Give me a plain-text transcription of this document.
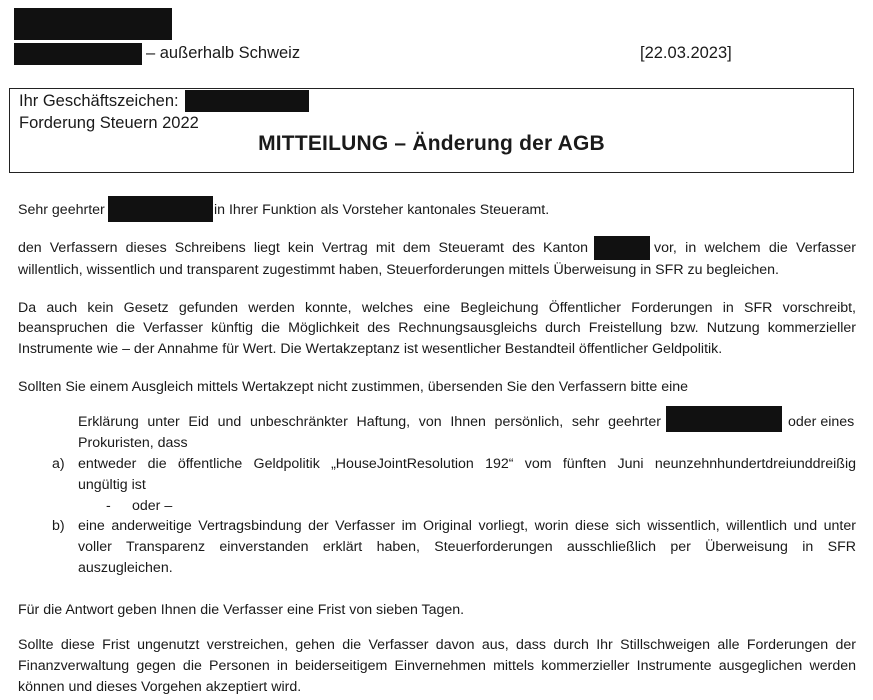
– außerhalb Schweiz	[22.03.2023]
Ihr Geschäftszeichen:
Forderung Steuern 2022
MITTEILUNG – Änderung der AGB
Sehr geehrter	in Ihrer Funktion als Vorsteher kantonales Steueramt.
den Verfassern dieses Schreibens liegt kein Vertrag mit dem Steueramt des Kanton	vor, in welchem die Verfasser
willentlich, wissentlich und transparent zugestimmt haben, Steuerforderungen mittels Überweisung in SFR zu begleichen.
Da auch kein Gesetz gefunden werden konnte, welches eine Begleichung Öffentlicher Forderungen in SFR vorschreibt,
beanspruchen die Verfasser künftig die Möglichkeit des Rechnungsausgleichs durch Freistellung bzw. Nutzung kommerzieller
Instrumente wie – der Annahme für Wert. Die Wertakzeptanz ist wesentlicher Bestandteil öffentlicher Geldpolitik.
Sollten Sie einem Ausgleich mittels Wertakzept nicht zustimmen, übersenden Sie den Verfassern bitte eine
Erklärung unter Eid und unbeschränkter Haftung, von Ihnen persönlich, sehr geehrter	oder eines
Prokuristen, dass
a) entweder die öffentliche Geldpolitik „HouseJointResolution 192“ vom fünften Juni neunzehnhundertdreiunddreißig
ungültig ist
- oder –
b) eine anderweitige Vertragsbindung der Verfasser im Original vorliegt, worin diese sich wissentlich, willentlich und unter
voller Transparenz einverstanden erklärt haben, Steuerforderungen ausschließlich per Überweisung in SFR
auszugleichen.
Für die Antwort geben Ihnen die Verfasser eine Frist von sieben Tagen.
Sollte diese Frist ungenutzt verstreichen, gehen die Verfasser davon aus, dass durch Ihr Stillschweigen alle Forderungen der
Finanzverwaltung gegen die Personen in beiderseitigem Einvernehmen mittels kommerzieller Instrumente ausgeglichen werden
können und dieses Vorgehen akzeptiert wird.
